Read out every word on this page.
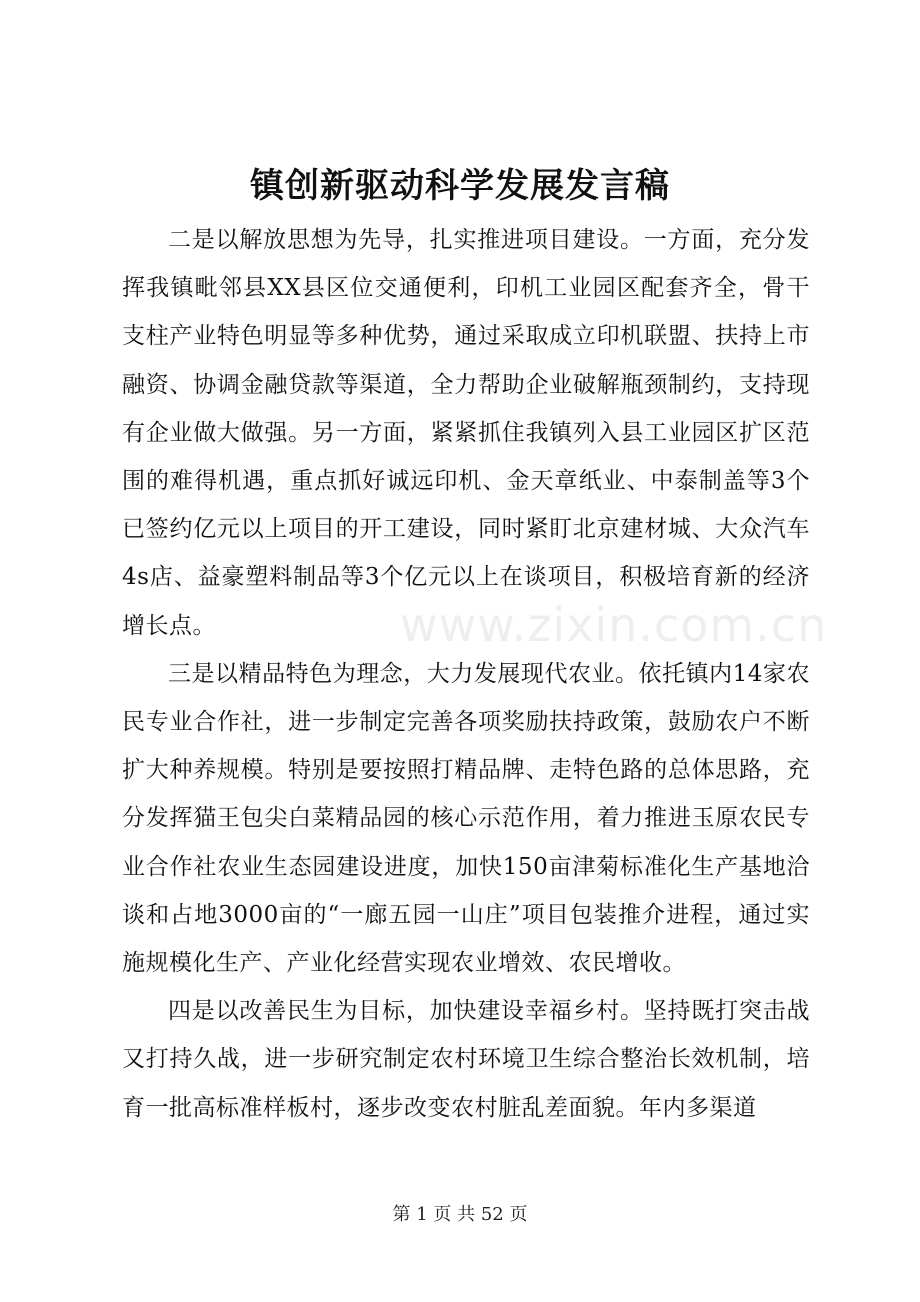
镇创新驱动科学发展发言稿

二是以解放思想为先导，扎实推进项目建设。一方面，充分发挥我镇毗邻县XX县区位交通便利，印机工业园区配套齐全，骨干支柱产业特色明显等多种优势，通过采取成立印机联盟、扶持上市融资、协调金融贷款等渠道，全力帮助企业破解瓶颈制约，支持现有企业做大做强。另一方面，紧紧抓住我镇列入县工业园区扩区范围的难得机遇，重点抓好诚远印机、金天章纸业、中泰制盖等3个已签约亿元以上项目的开工建设，同时紧盯北京建材城、大众汽车4s店、益豪塑料制品等3个亿元以上在谈项目，积极培育新的经济增长点。

三是以精品特色为理念，大力发展现代农业。依托镇内14家农民专业合作社，进一步制定完善各项奖励扶持政策，鼓励农户不断扩大种养规模。特别是要按照打精品牌、走特色路的总体思路，充分发挥猫王包尖白菜精品园的核心示范作用，着力推进玉原农民专业合作社农业生态园建设进度，加快150亩津菊标准化生产基地洽谈和占地3000亩的“一廊五园一山庄”项目包装推介进程，通过实施规模化生产、产业化经营实现农业增效、农民增收。

四是以改善民生为目标，加快建设幸福乡村。坚持既打突击战又打持久战，进一步研究制定农村环境卫生综合整治长效机制，培育一批高标准样板村，逐步改变农村脏乱差面貌。年内多渠道

www.zixin.com.cn
第 1 页 共 52 页
